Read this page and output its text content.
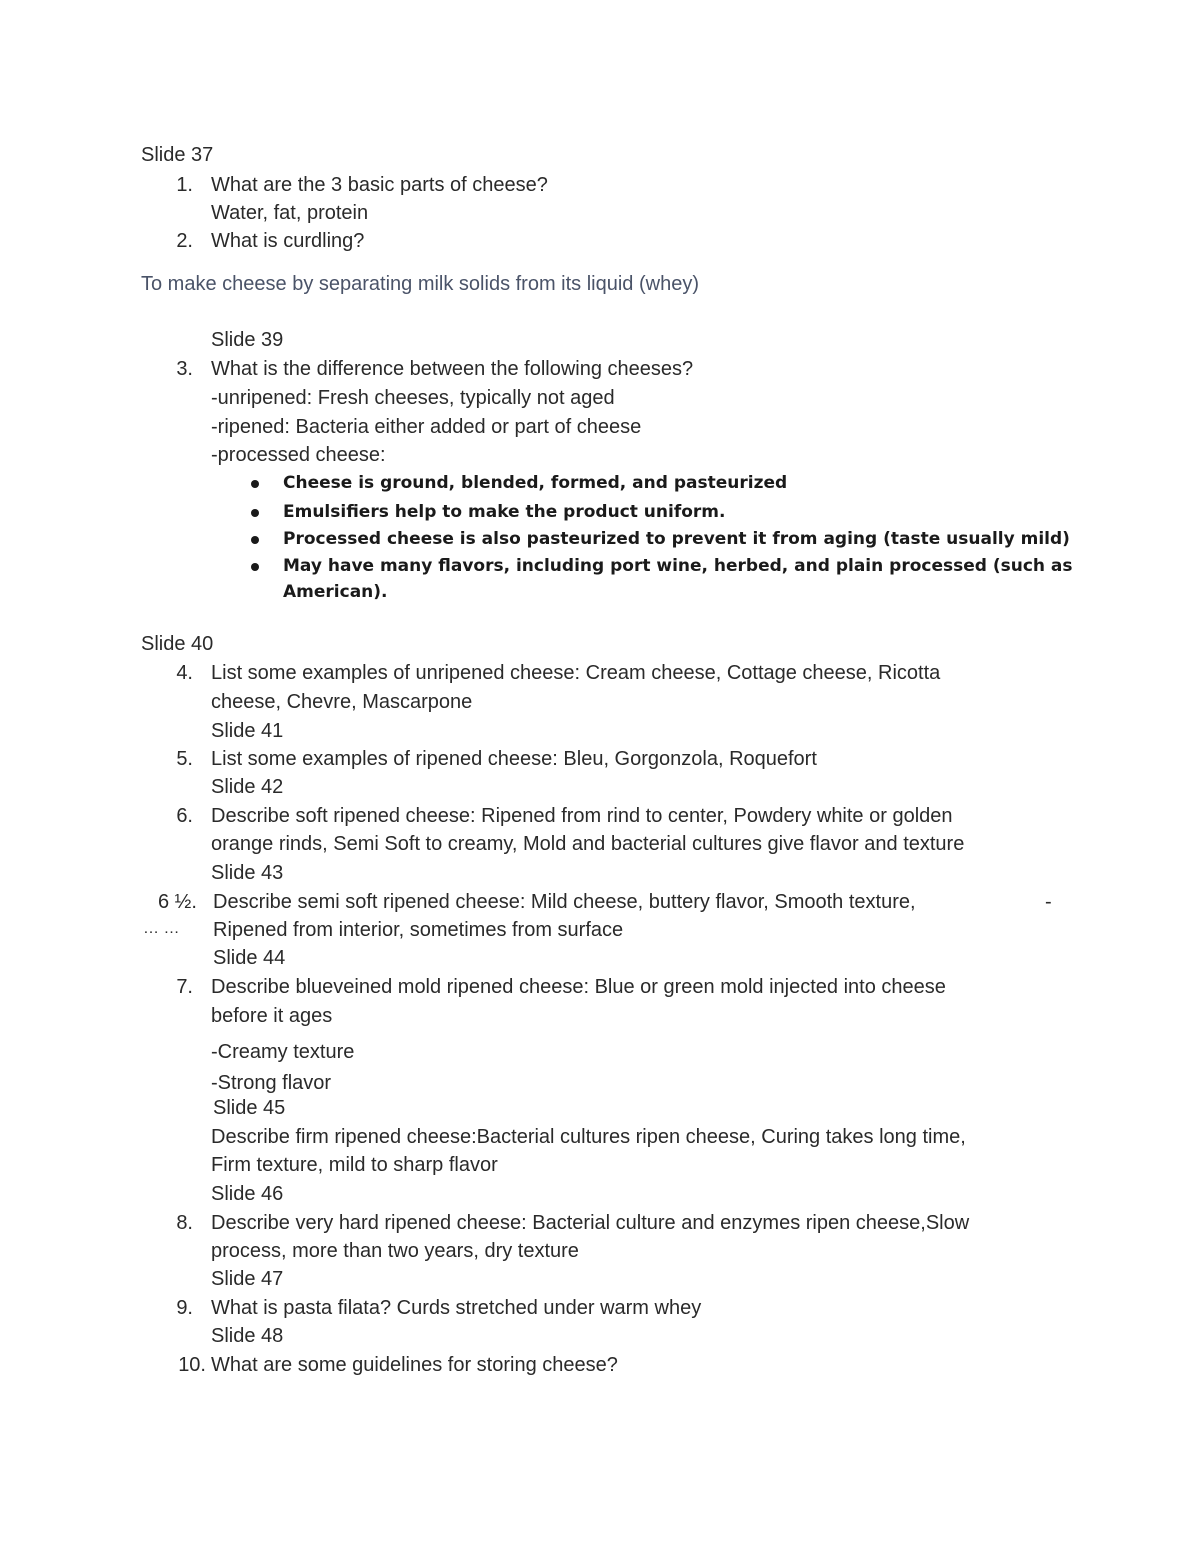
Slide 37
1. What are the 3 basic parts of cheese?
Water, fat, protein
2. What is curdling?
To make cheese by separating milk solids from its liquid (whey)
Slide 39
3. What is the difference between the following cheeses?
-unripened: Fresh cheeses, typically not aged
-ripened: Bacteria either added or part of cheese
-processed cheese:
Cheese is ground, blended, formed, and pasteurized
Emulsifiers help to make the product uniform.
Processed cheese is also pasteurized to prevent it from aging (taste usually mild)
May have many flavors, including port wine, herbed, and plain processed (such as
American).
Slide 40
4. List some examples of unripened cheese: Cream cheese, Cottage cheese, Ricotta
cheese, Chevre, Mascarpone
Slide 41
5. List some examples of ripened cheese: Bleu, Gorgonzola, Roquefort
Slide 42
6. Describe soft ripened cheese: Ripened from rind to center, Powdery white or golden
orange rinds, Semi Soft to creamy, Mold and bacterial cultures give flavor and texture
Slide 43
6 ½. Describe semi soft ripened cheese: Mild cheese, buttery flavor, Smooth texture,	-
… … Ripened from interior, sometimes from surface
Slide 44
7. Describe blueveined mold ripened cheese: Blue or green mold injected into cheese
before it ages
-Creamy texture
-Strong flavor
Slide 45
Describe firm ripened cheese:Bacterial cultures ripen cheese, Curing takes long time,
Firm texture, mild to sharp flavor
Slide 46
8. Describe very hard ripened cheese: Bacterial culture and enzymes ripen cheese,Slow
process, more than two years, dry texture
Slide 47
9. What is pasta filata? Curds stretched under warm whey
Slide 48
10. What are some guidelines for storing cheese?
